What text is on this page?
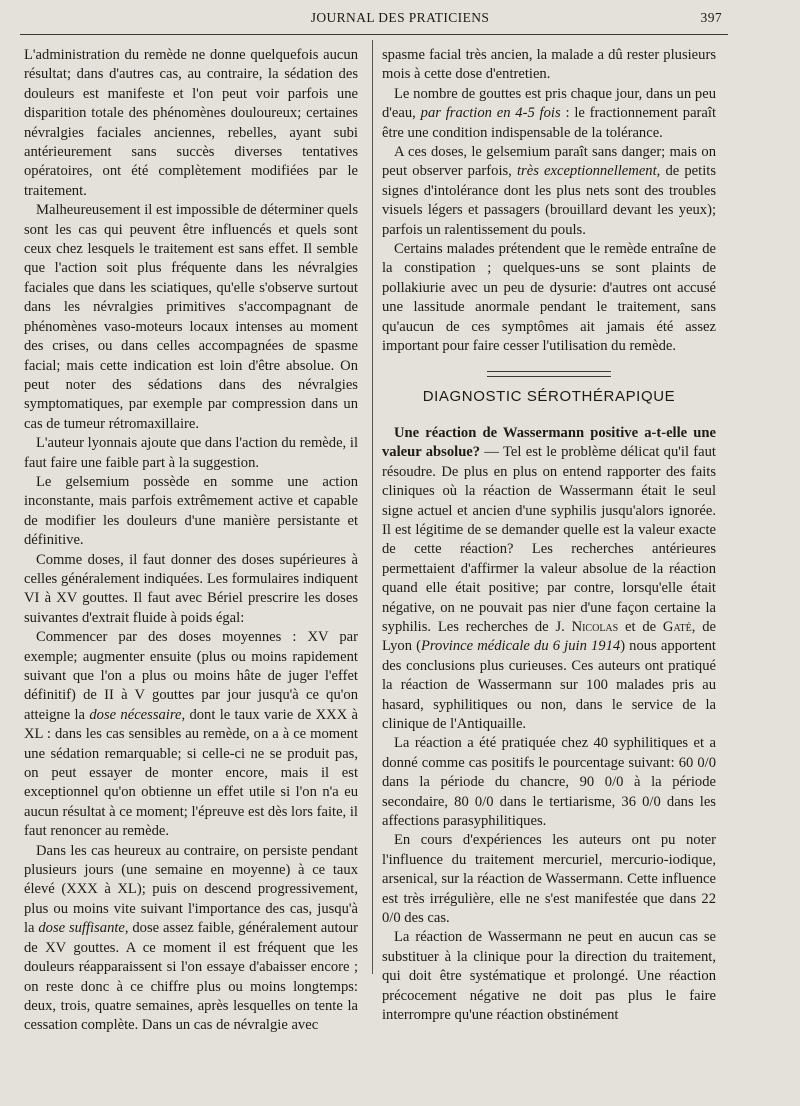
JOURNAL DES PRATICIENS	397

L'administration du remède ne donne quelquefois aucun résultat; dans d'autres cas, au contraire, la sédation des douleurs est manifeste et l'on peut voir parfois une disparition totale des phénomènes douloureux; certaines névralgies faciales anciennes, rebelles, ayant subi antérieurement sans succès diverses tentatives opératoires, ont été complètement modifiées par le traitement.

Malheureusement il est impossible de déterminer quels sont les cas qui peuvent être influencés et quels sont ceux chez lesquels le traitement est sans effet. Il semble que l'action soit plus fréquente dans les névralgies faciales que dans les sciatiques, qu'elle s'observe surtout dans les névralgies primitives s'accompagnant de phénomènes vaso-moteurs locaux intenses au moment des crises, ou dans celles accompagnées de spasme facial; mais cette indication est loin d'être absolue. On peut noter des sédations dans des névralgies symptomatiques, par exemple par compression dans un cas de tumeur rétromaxillaire.

L'auteur lyonnais ajoute que dans l'action du remède, il faut faire une faible part à la suggestion.

Le gelsemium possède en somme une action inconstante, mais parfois extrêmement active et capable de modifier les douleurs d'une manière persistante et définitive.

Comme doses, il faut donner des doses supérieures à celles généralement indiquées. Les formulaires indiquent VI à XV gouttes. Il faut avec Bériel prescrire les doses suivantes d'extrait fluide à poids égal:

Commencer par des doses moyennes : XV par exemple; augmenter ensuite (plus ou moins rapidement suivant que l'on a plus ou moins hâte de juger l'effet définitif) de II à V gouttes par jour jusqu'à ce qu'on atteigne la dose nécessaire, dont le taux varie de XXX à XL : dans les cas sensibles au remède, on a à ce moment une sédation remarquable; si celle-ci ne se produit pas, on peut essayer de monter encore, mais il est exceptionnel qu'on obtienne un effet utile si l'on n'a eu aucun résultat à ce moment; l'épreuve est dès lors faite, il faut renoncer au remède.

Dans les cas heureux au contraire, on persiste pendant plusieurs jours (une semaine en moyenne) à ce taux élevé (XXX à XL); puis on descend progressivement, plus ou moins vite suivant l'importance des cas, jusqu'à la dose suffisante, dose assez faible, généralement autour de XV gouttes. A ce moment il est fréquent que les douleurs réapparaissent si l'on essaye d'abaisser encore ; on reste donc à ce chiffre plus ou moins longtemps: deux, trois, quatre semaines, après lesquelles on tente la cessation complète. Dans un cas de névralgie avec

spasme facial très ancien, la malade a dû rester plusieurs mois à cette dose d'entretien.

Le nombre de gouttes est pris chaque jour, dans un peu d'eau, par fraction en 4-5 fois : le fractionnement paraît être une condition indispensable de la tolérance.

A ces doses, le gelsemium paraît sans danger; mais on peut observer parfois, très exceptionnellement, de petits signes d'intolérance dont les plus nets sont des troubles visuels légers et passagers (brouillard devant les yeux); parfois un ralentissement du pouls.

Certains malades prétendent que le remède entraîne de la constipation ; quelques-uns se sont plaints de pollakiurie avec un peu de dysurie: d'autres ont accusé une lassitude anormale pendant le traitement, sans qu'aucun de ces symptômes ait jamais été assez important pour faire cesser l'utilisation du remède.

DIAGNOSTIC SÉROTHÉRAPIQUE

Une réaction de Wassermann positive a-t-elle une valeur absolue? — Tel est le problème délicat qu'il faut résoudre. De plus en plus on entend rapporter des faits cliniques où la réaction de Wassermann était le seul signe actuel et ancien d'une syphilis jusqu'alors ignorée. Il est légitime de se demander quelle est la valeur exacte de cette réaction? Les recherches antérieures permettaient d'affirmer la valeur absolue de la réaction quand elle était positive; par contre, lorsqu'elle était négative, on ne pouvait pas nier d'une façon certaine la syphilis. Les recherches de J. Nicolas et de Gaté, de Lyon (Province médicale du 6 juin 1914) nous apportent des conclusions plus curieuses. Ces auteurs ont pratiqué la réaction de Wassermann sur 100 malades pris au hasard, syphilitiques ou non, dans le service de la clinique de l'Antiquaille.

La réaction a été pratiquée chez 40 syphilitiques et a donné comme cas positifs le pourcentage suivant: 60 0/0 dans la période du chancre, 90 0/0 à la période secondaire, 80 0/0 dans le tertiarisme, 36 0/0 dans les affections parasyphilitiques.

En cours d'expériences les auteurs ont pu noter l'influence du traitement mercuriel, mercurio-iodique, arsenical, sur la réaction de Wassermann. Cette influence est très irrégulière, elle ne s'est manifestée que dans 22 0/0 des cas.

La réaction de Wassermann ne peut en aucun cas se substituer à la clinique pour la direction du traitement, qui doit être systématique et prolongé. Une réaction précocement négative ne doit pas plus le faire interrompre qu'une réaction obstinément
